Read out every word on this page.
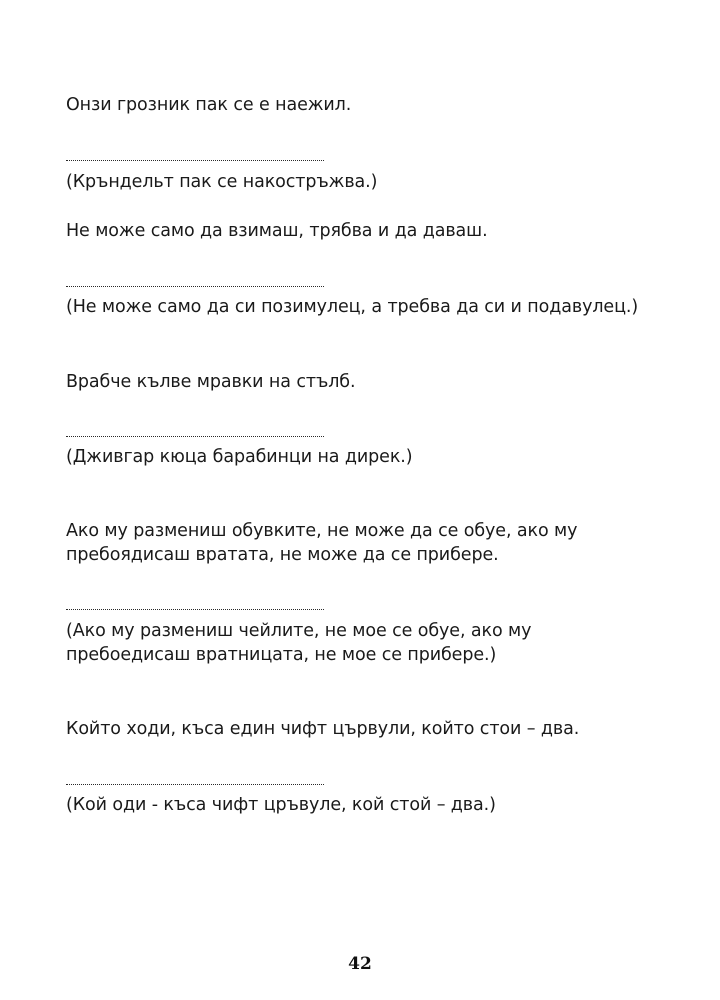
Онзи грозник пак се е наежил.
(Кръндельт пак се накостръжва.)
Не може само да взимаш, трябва и да даваш.
(Не може само да си позимулец, а требва да си и подавулец.)
Врабче кълве мравки на стълб.
(Дживгар кюца барабинци на дирек.)
Ако му размениш обувките, не може да се обуе, ако му
пребоядисаш вратата, не може да се прибере.
(Ако му размениш чейлите, не мое се обуе, ако му
пребоедисаш вратницата, не мое се прибере.)
Който ходи, къса един чифт цървули, който стои – два.
(Кой оди - къса чифт цръвуле, кой стой – два.)
42
